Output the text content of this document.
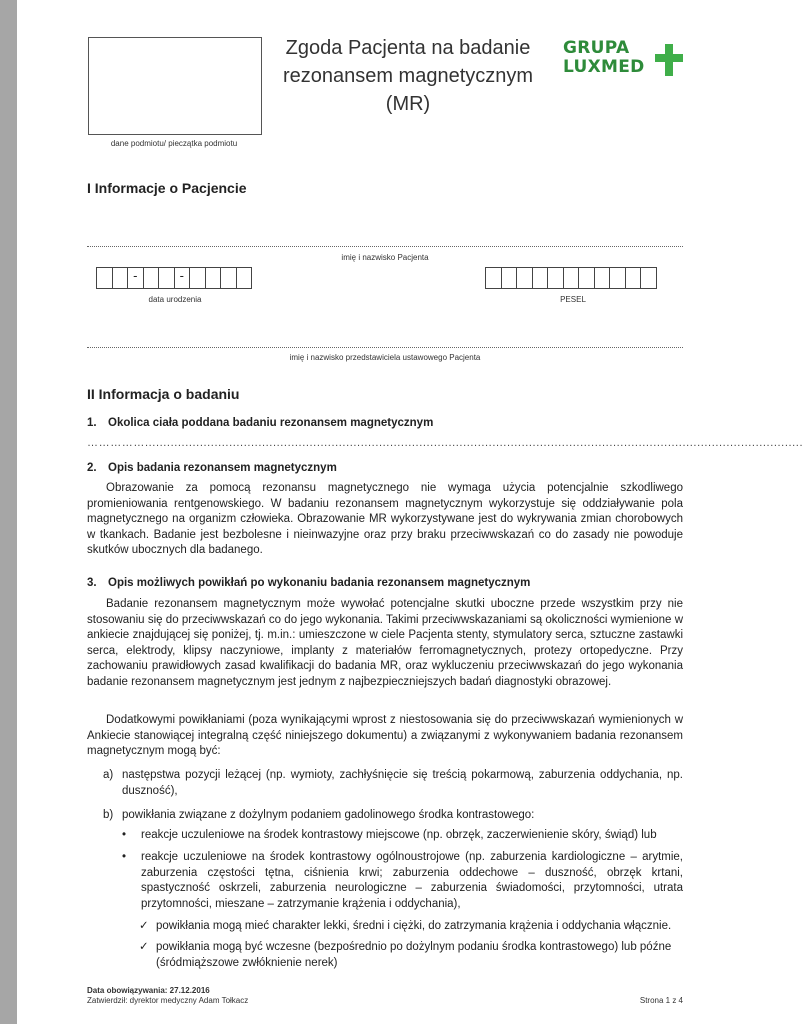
dane podmiotu/ pieczątka podmiotu
Zgoda Pacjenta na badanie
rezonansem magnetycznym
(MR)
GRUPA
LUXMED
I Informacje o Pacjencie
imię i nazwisko Pacjenta
-	-
data urodzenia	PESEL
imię i nazwisko przedstawiciela ustawowego Pacjenta
II Informacja o badaniu
1. Okolica ciała poddana badaniu rezonansem magnetycznym
……………....................................................................................................................................................................................
2. Opis badania rezonansem magnetycznym
Obrazowanie za pomocą rezonansu magnetycznego nie wymaga użycia potencjalnie szkodliwego promieniowania rentgenowskiego. W badaniu rezonansem magnetycznym wykorzystuje się oddziaływanie pola magnetycznego na organizm człowieka. Obrazowanie MR wykorzystywane jest do wykrywania zmian chorobowych w tkankach. Badanie jest bezbolesne i nieinwazyjne oraz przy braku przeciwwskazań co do zasady nie powoduje skutków ubocznych dla badanego.
3. Opis możliwych powikłań po wykonaniu badania rezonansem magnetycznym
Badanie rezonansem magnetycznym może wywołać potencjalne skutki uboczne przede wszystkim przy nie stosowaniu się do przeciwwskazań co do jego wykonania. Takimi przeciwwskazaniami są okoliczności wymienione w ankiecie znajdującej się poniżej, tj. m.in.: umieszczone w ciele Pacjenta stenty, stymulatory serca, sztuczne zastawki serca, elektrody, klipsy naczyniowe, implanty z materiałów ferromagnetycznych, protezy ortopedyczne. Przy zachowaniu prawidłowych zasad kwalifikacji do badania MR, oraz wykluczeniu przeciwwskazań do jego wykonania badanie rezonansem magnetycznym jest jednym z najbezpieczniejszych badań diagnostyki obrazowej.
Dodatkowymi powikłaniami (poza wynikającymi wprost z niestosowania się do przeciwwskazań wymienionych w Ankiecie stanowiącej integralną część niniejszego dokumentu) a związanymi z wykonywaniem badania rezonansem magnetycznym mogą być:
a) następstwa pozycji leżącej (np. wymioty, zachłyśnięcie się treścią pokarmową, zaburzenia oddychania, np. duszność),
b) powikłania związane z dożylnym podaniem gadolinowego środka kontrastowego:
• reakcje uczuleniowe na środek kontrastowy miejscowe (np. obrzęk, zaczerwienienie skóry, świąd) lub
• reakcje uczuleniowe na środek kontrastowy ogólnoustrojowe (np. zaburzenia kardiologiczne – arytmie, zaburzenia częstości tętna, ciśnienia krwi; zaburzenia oddechowe – duszność, obrzęk krtani, spastyczność oskrzeli, zaburzenia neurologiczne – zaburzenia świadomości, przytomności, utrata przytomności, mieszane – zatrzymanie krążenia i oddychania),
✓ powikłania mogą mieć charakter lekki, średni i ciężki, do zatrzymania krążenia i oddychania włącznie.
✓ powikłania mogą być wczesne (bezpośrednio po dożylnym podaniu środka kontrastowego) lub późne (śródmiąższowe zwłóknienie nerek)
Data obowiązywania: 27.12.2016
Zatwierdził: dyrektor medyczny Adam Tołkacz	Strona 1 z 4
